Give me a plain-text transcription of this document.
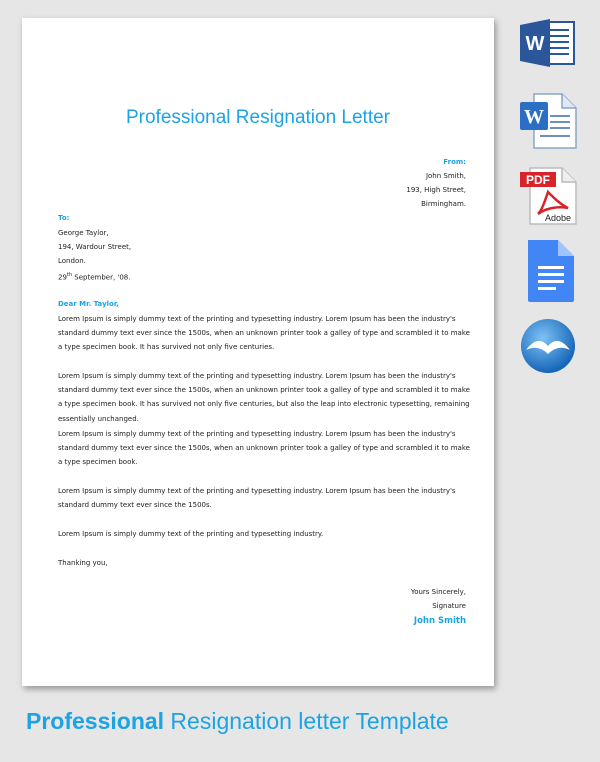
Professional Resignation Letter
From:
John Smith,
193, High Street,
Birmingham.
To:
George Taylor,
194, Wardour Street,
London.
29th September, '08.
Dear Mr. Taylor,
Lorem Ipsum is simply dummy text of the printing and typesetting industry. Lorem Ipsum has been the industry's standard dummy text ever since the 1500s, when an unknown printer took a galley of type and scrambled it to make a type specimen book. It has survived not only five centuries.
Lorem Ipsum is simply dummy text of the printing and typesetting industry. Lorem Ipsum has been the industry's standard dummy text ever since the 1500s, when an unknown printer took a galley of type and scrambled it to make a type specimen book. It has survived not only five centuries, but also the leap into electronic typesetting, remaining essentially unchanged.
Lorem Ipsum is simply dummy text of the printing and typesetting industry. Lorem Ipsum has been the industry's standard dummy text ever since the 1500s, when an unknown printer took a galley of type and scrambled it to make a type specimen book.
Lorem Ipsum is simply dummy text of the printing and typesetting industry. Lorem Ipsum has been the industry's standard dummy text ever since the 1500s.
Lorem Ipsum is simply dummy text of the printing and typesetting industry.
Thanking you,
Yours Sincerely,
Signature
John Smith
W
W
PDF
Adobe
Professional Resignation letter Template
